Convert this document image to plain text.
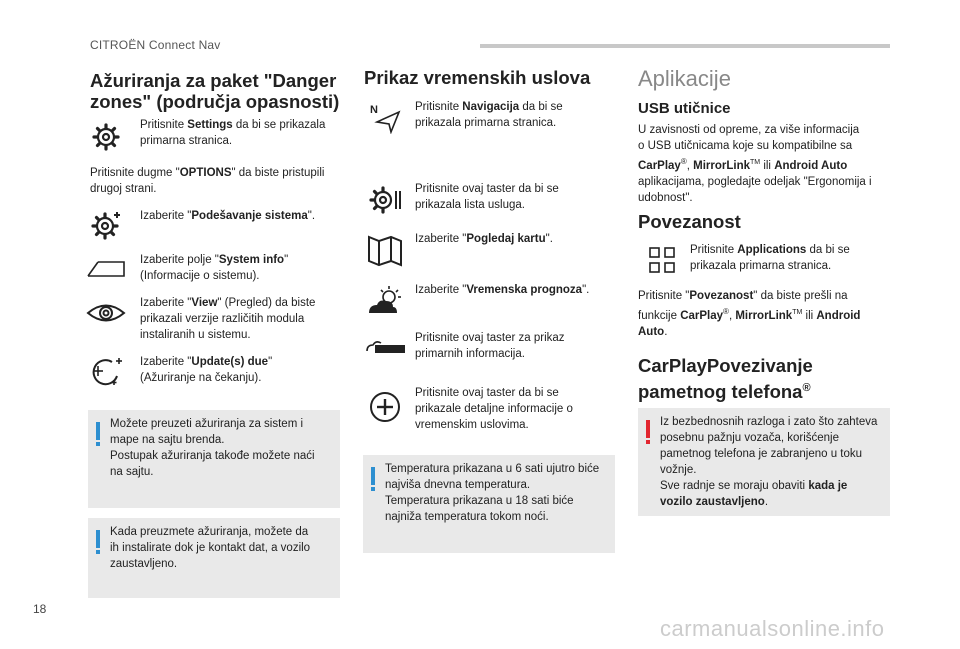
CITROËN Connect Nav
18
carmanualsonline.info
Ažuriranja za paket "Danger
zones" (područja opasnosti)
Pritisnite Settings da bi se prikazala
primarna stranica.
Pritisnite dugme "OPTIONS" da biste pristupili
drugoj strani.
Izaberite "Podešavanje sistema".
Izaberite polje "System info"
(Informacije o sistemu).
Izaberite "View" (Pregled) da biste
prikazali verzije različitih modula
instaliranih u sistemu.
Izaberite "Update(s) due"
(Ažuriranje na čekanju).
Možete preuzeti ažuriranja za sistem i
mape na sajtu brenda.
Postupak ažuriranja takođe možete naći
na sajtu.
Kada preuzmete ažuriranja, možete da
ih instalirate dok je kontakt dat, a vozilo
zaustavljeno.
Prikaz vremenskih uslova
N	Pritisnite Navigacija da bi se
prikazala primarna stranica.
Pritisnite ovaj taster da bi se
prikazala lista usluga.
Izaberite "Pogledaj kartu".
Izaberite "Vremenska prognoza".
Pritisnite ovaj taster za prikaz
primarnih informacija.
Pritisnite ovaj taster da bi se
prikazale detaljne informacije o
vremenskim uslovima.
Temperatura prikazana u 6 sati ujutro biće
najviša dnevna temperatura.
Temperatura prikazana u 18 sati biće
najniža temperatura tokom noći.
Aplikacije
USB utičnice
U zavisnosti od opreme, za više informacija
o USB utičnicama koje su kompatibilne sa
CarPlay®, MirrorLink™ ili Android Auto
aplikacijama, pogledajte odeljak "Ergonomija i
udobnost".
Povezanost
Pritisnite Applications da bi se
prikazala primarna stranica.
Pritisnite "Povezanost" da biste prešli na
funkcije CarPlay®, MirrorLink™ ili Android
Auto.
CarPlayPovezivanje
pametnog telefona®
Iz bezbednosnih razloga i zato što zahteva
posebnu pažnju vozača, korišćenje
pametnog telefona je zabranjeno u toku
vožnje.
Sve radnje se moraju obaviti kada je
vozilo zaustavljeno.
